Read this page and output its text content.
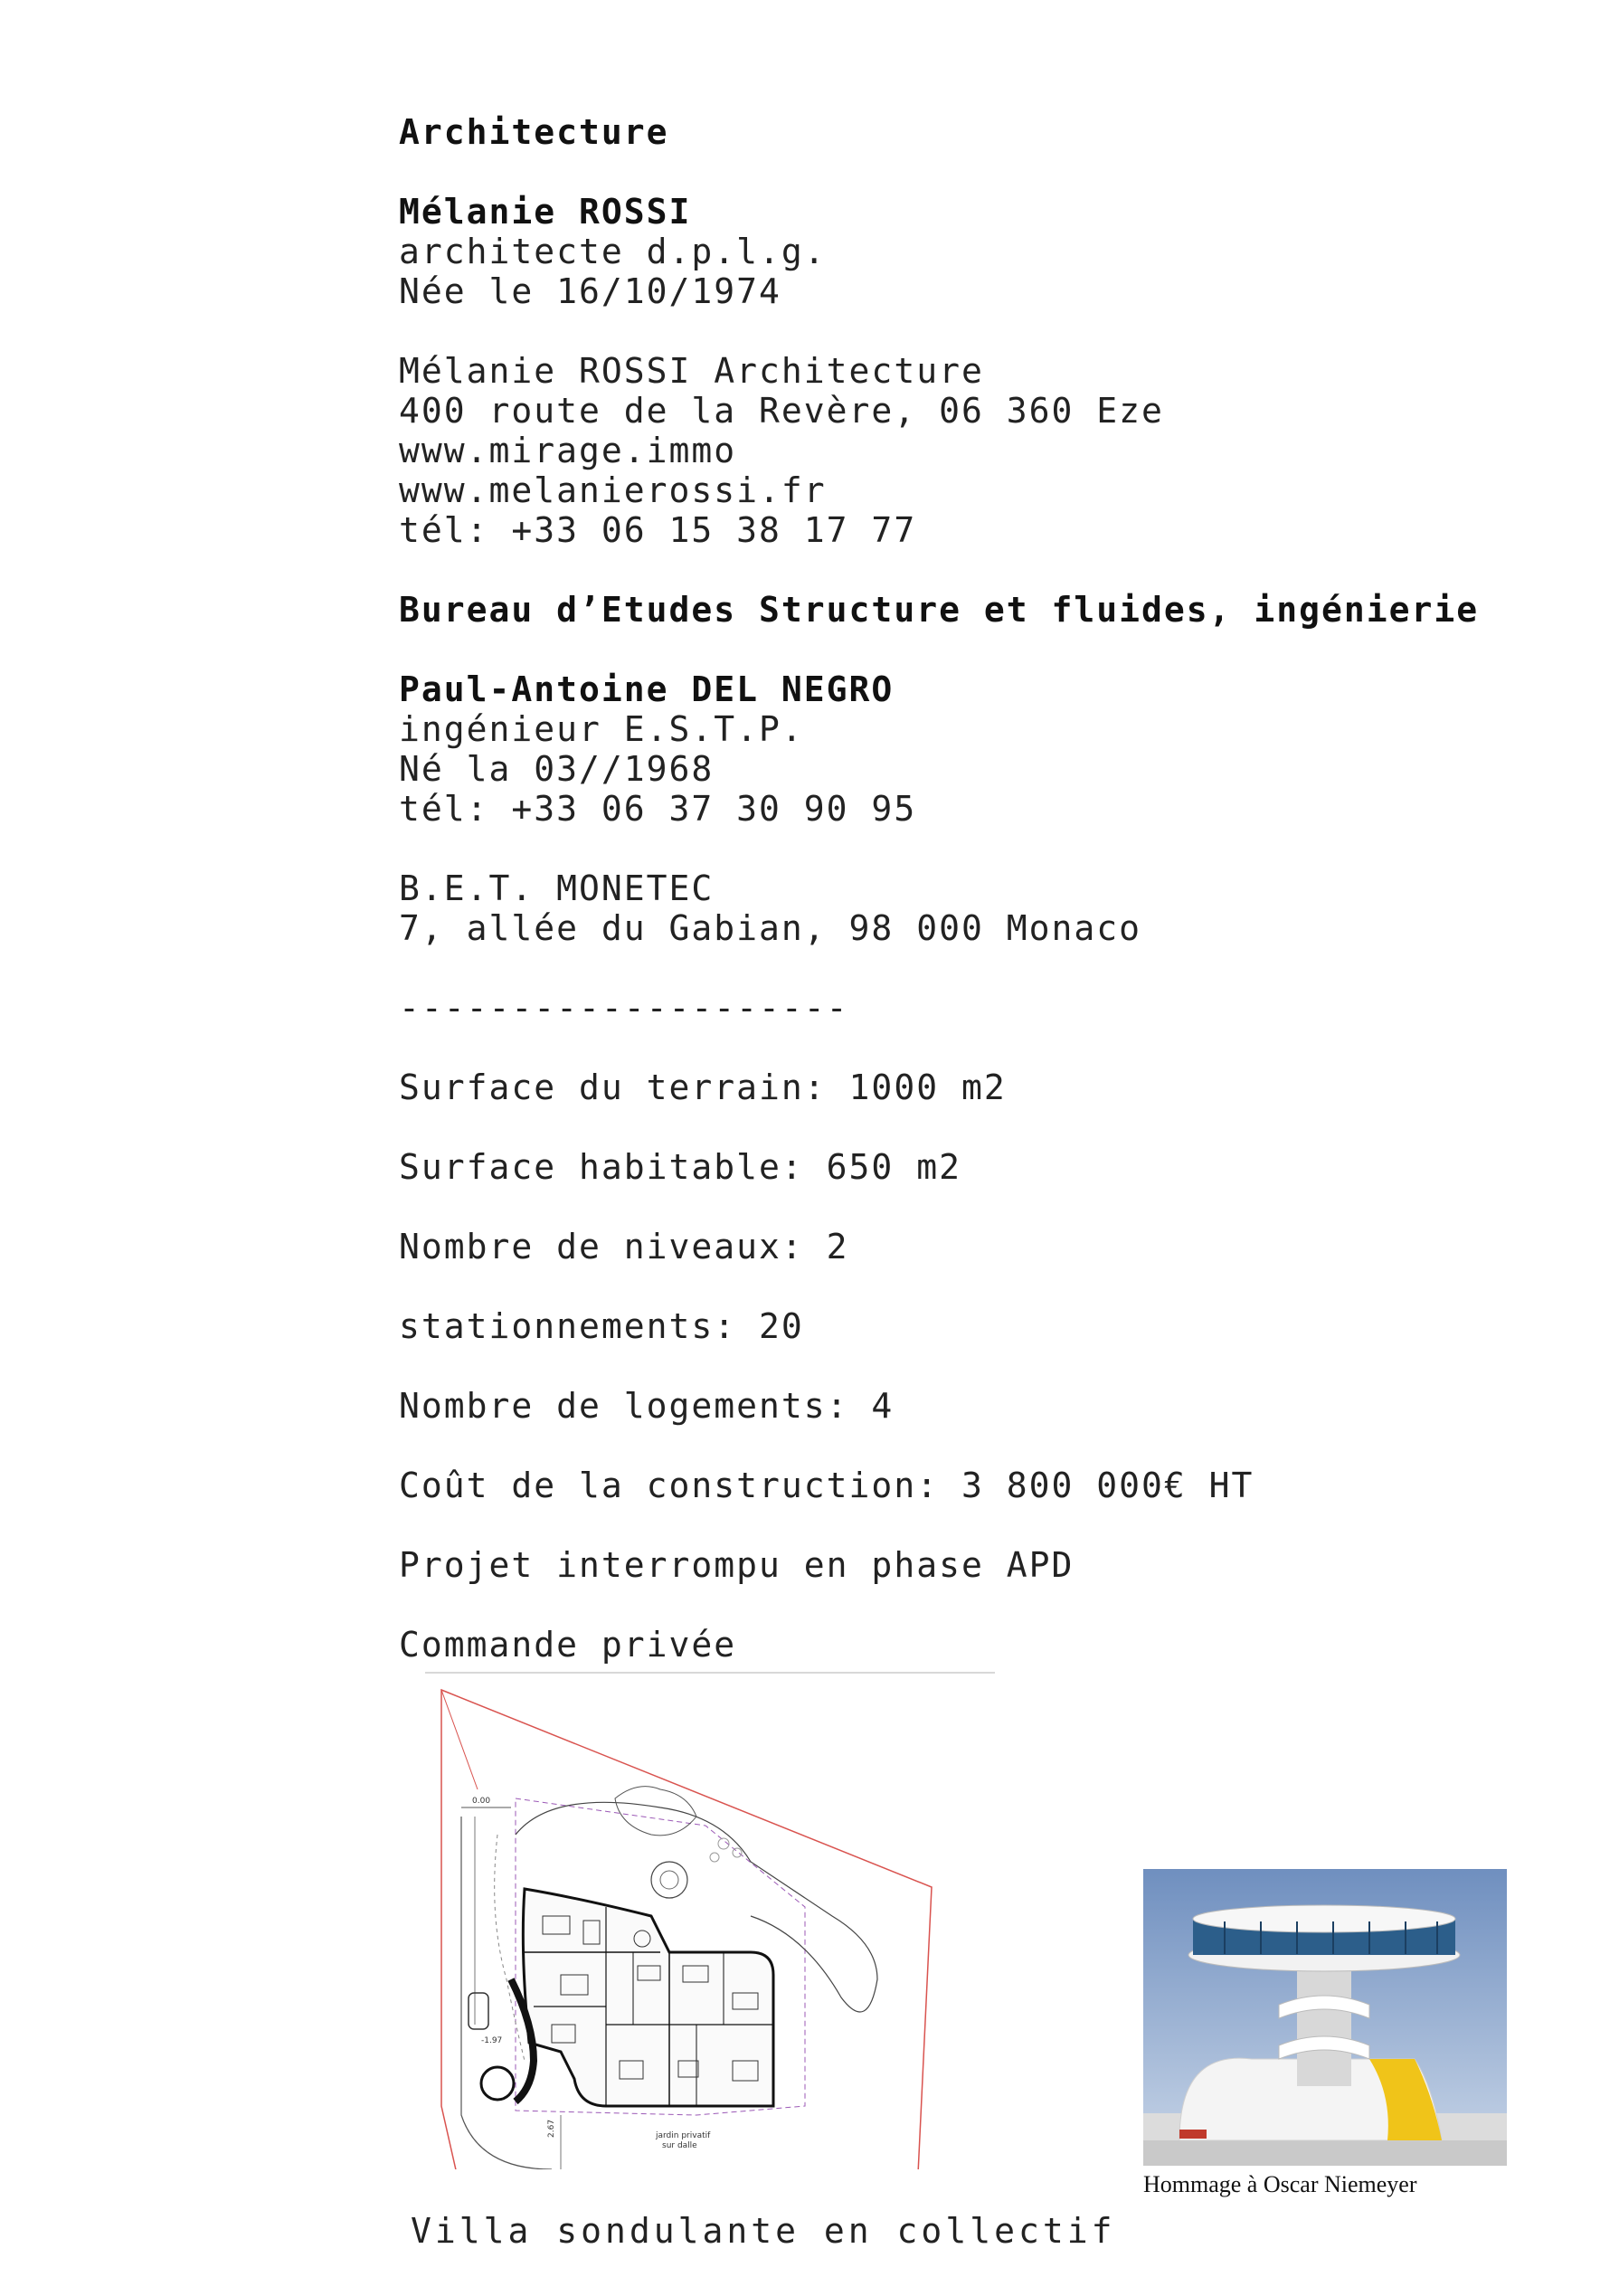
Architecture
Mélanie ROSSI
architecte d.p.l.g.
Née le 16/10/1974
Mélanie ROSSI Architecture
400 route de la Revère, 06 360 Eze
www.mirage.immo
www.melanierossi.fr
tél: +33 06 15 38 17 77
Bureau d’Etudes Structure et fluides, ingénierie
Paul-Antoine DEL NEGRO
ingénieur E.S.T.P.
Né la 03//1968
tél: +33 06 37 30 90 95
B.E.T. MONETEC
7, allée du Gabian, 98 000 Monaco
--------------------
Surface du terrain: 1000 m2
Surface habitable: 650 m2
Nombre de niveaux: 2
stationnements: 20
Nombre de logements: 4
Coût de la construction: 3 800 000€ HT
Projet interrompu en phase APD
Commande privée
0.00
-1.97
jardin privatif
sur dalle
2.67
Hommage à Oscar Niemeyer
Villa sondulante en collectif
